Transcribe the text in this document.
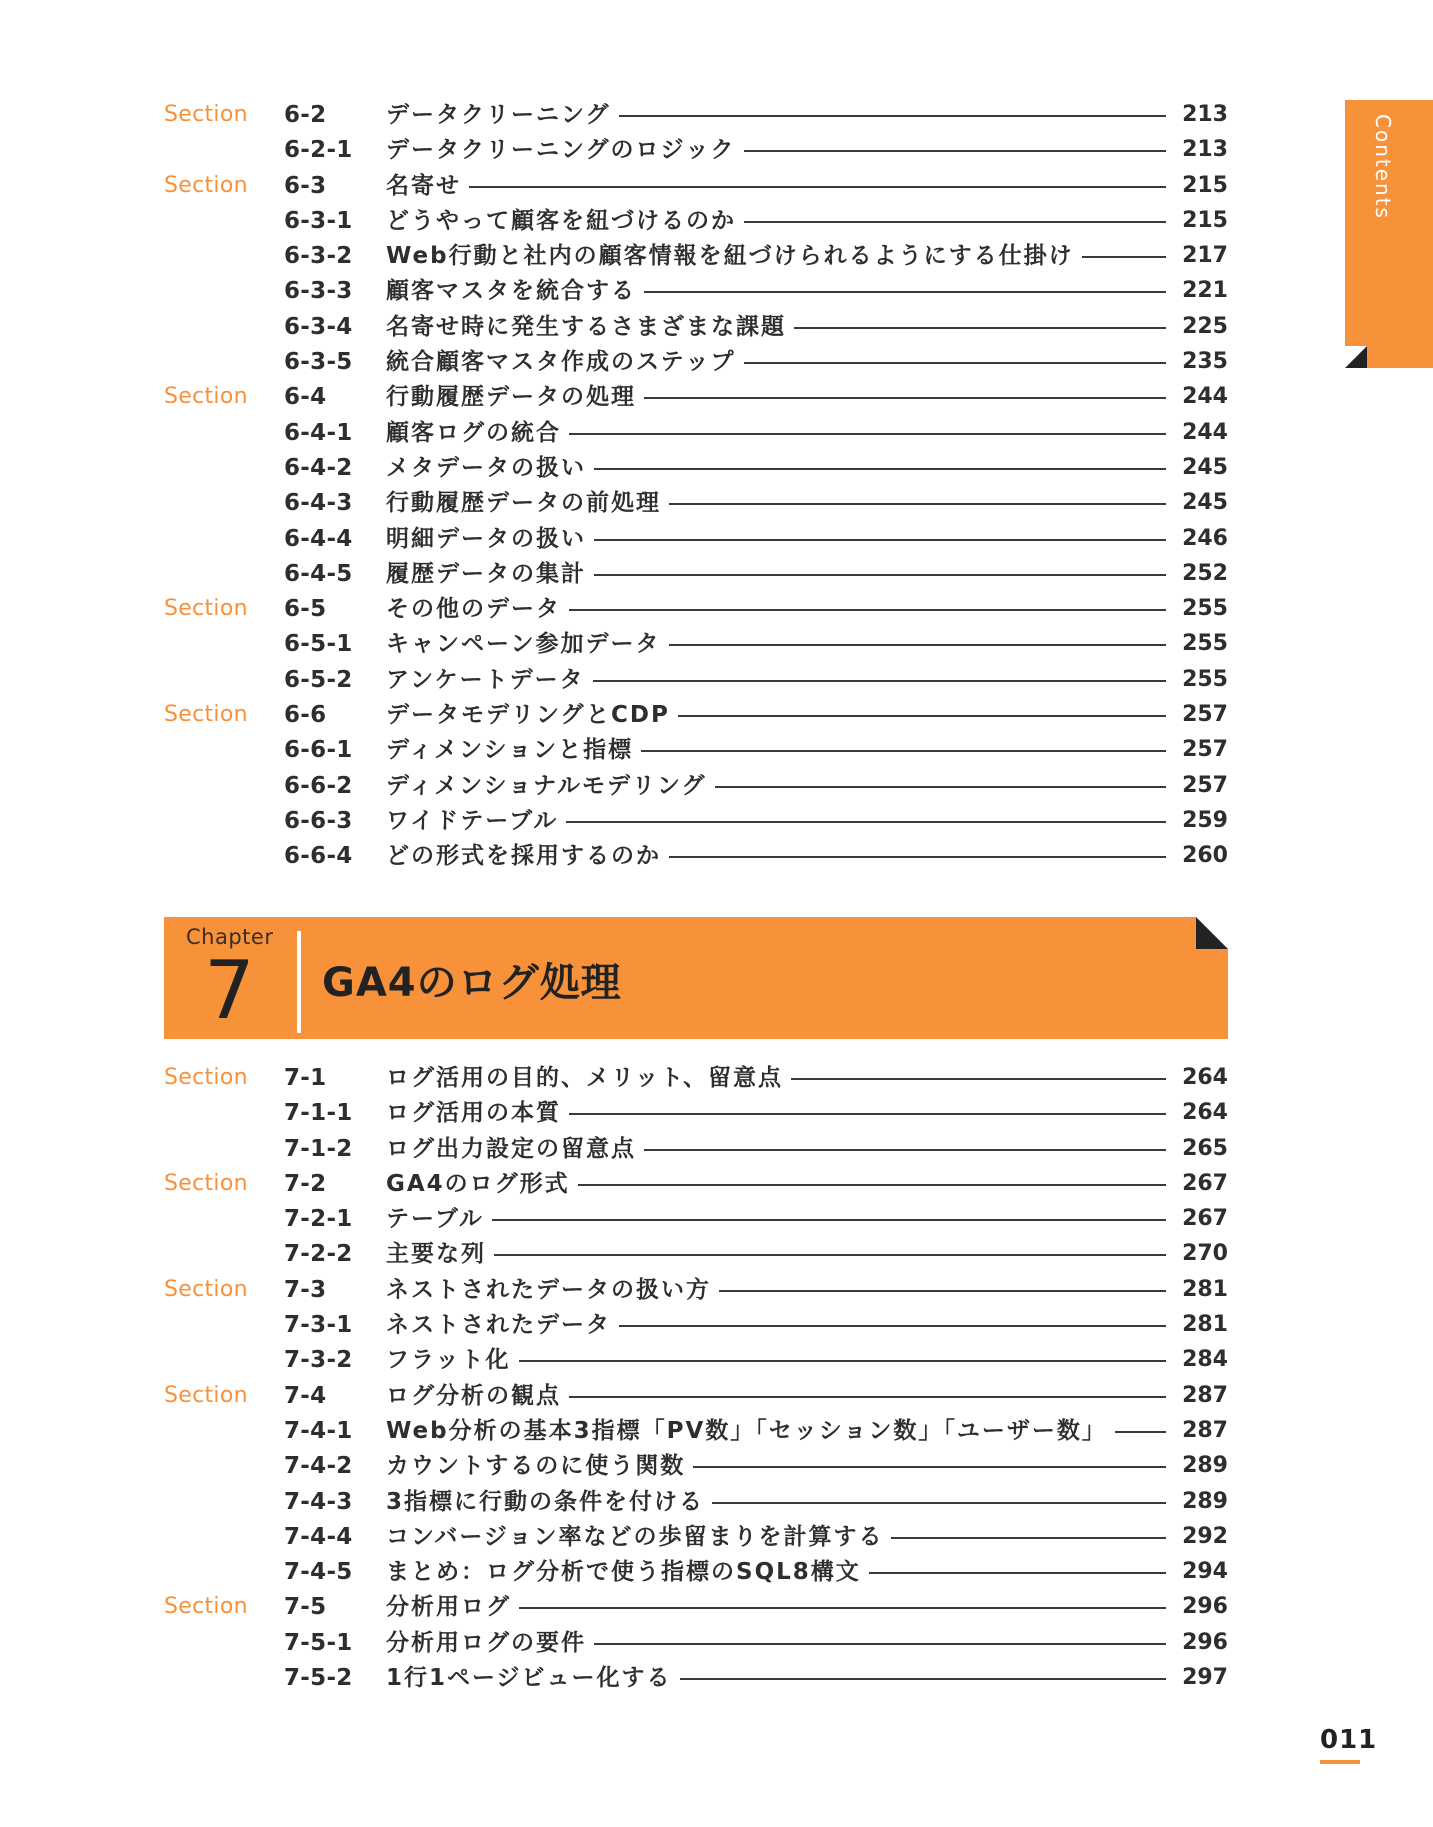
Contents
Section 6-2	データクリーニング	213
6-2-1 データクリーニングのロジック	213
Section 6-3	名寄せ	215
6-3-1 どうやって顧客を紐づけるのか	215
6-3-2 Web行動と社内の顧客情報を紐づけられるようにする仕掛け	217
6-3-3 顧客マスタを統合する	221
6-3-4 名寄せ時に発生するさまざまな課題	225
6-3-5 統合顧客マスタ作成のステップ	235
Section 6-4	行動履歴データの処理	244
6-4-1 顧客ログの統合	244
6-4-2 メタデータの扱い	245
6-4-3 行動履歴データの前処理	245
6-4-4 明細データの扱い	246
6-4-5 履歴データの集計	252
Section 6-5	その他のデータ	255
6-5-1 キャンペーン参加データ	255
6-5-2 アンケートデータ	255
Section 6-6	データモデリングとCDP	257
6-6-1 ディメンションと指標	257
6-6-2 ディメンショナルモデリング	257
6-6-3 ワイドテーブル	259
6-6-4 どの形式を採用するのか	260
Chapter
7 GA4のログ処理
Section 7-1	ログ活用の目的、メリット、留意点	264
7-1-1 ログ活用の本質	264
7-1-2 ログ出力設定の留意点	265
Section 7-2	GA4のログ形式	267
7-2-1 テーブル	267
7-2-2 主要な列	270
Section 7-3	ネストされたデータの扱い方	281
7-3-1 ネストされたデータ	281
7-3-2 フラット化	284
Section 7-4	ログ分析の観点	287
7-4-1 Web分析の基本3指標「PV数」「セッション数」「ユーザー数」	287
7-4-2 カウントするのに使う関数	289
7-4-3 3指標に行動の条件を付ける	289
7-4-4 コンバージョン率などの歩留まりを計算する	292
7-4-5 まとめ：ログ分析で使う指標のSQL8構文	294
Section 7-5	分析用ログ	296
7-5-1 分析用ログの要件	296
7-5-2 1行1ページビュー化する	297
011
